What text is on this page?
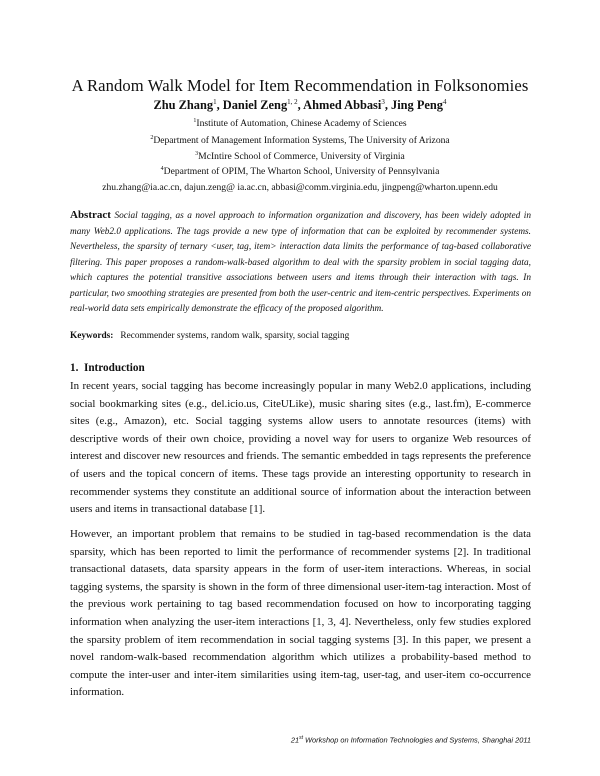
A Random Walk Model for Item Recommendation in Folksonomies
Zhu Zhang$^1$, Daniel Zeng$^{1, 2}$, Ahmed Abbasi$^3$, Jing Peng$^4$
$^1$Institute of Automation, Chinese Academy of Sciences
$^2$Department of Management Information Systems, The University of Arizona
$^3$McIntire School of Commerce, University of Virginia
$^4$Department of OPIM, The Wharton School, University of Pennsylvania
zhu.zhang@ia.ac.cn, dajun.zeng@ ia.ac.cn, abbasi@comm.virginia.edu, jingpeng@wharton.upenn.edu
Abstract Social tagging, as a novel approach to information organization and discovery, has been widely adopted in many Web2.0 applications. The tags provide a new type of information that can be exploited by recommender systems. Nevertheless, the sparsity of ternary <user, tag, item> interaction data limits the performance of tag-based collaborative filtering. This paper proposes a random-walk-based algorithm to deal with the sparsity problem in social tagging data, which captures the potential transitive associations between users and items through their interaction with tags. In particular, two smoothing strategies are presented from both the user-centric and item-centric perspectives. Experiments on real-world data sets empirically demonstrate the efficacy of the proposed algorithm.
Keywords: Recommender systems, random walk, sparsity, social tagging
1. Introduction

In recent years, social tagging has become increasingly popular in many Web2.0 applications, including social bookmarking sites (e.g., del.icio.us, CiteULike), music sharing sites (e.g., last.fm), E-commerce sites (e.g., Amazon), etc. Social tagging systems allow users to annotate resources (items) with descriptive words of their own choice, providing a novel way for users to organize Web resources of interest and discover new resources and friends. The semantic embedded in tags represents the preference of users and the topical concern of items. These tags provide an interesting opportunity to research in recommender systems they constitute an additional source of information about the interaction between users and items in transactional database [1].

However, an important problem that remains to be studied in tag-based recommendation is the data sparsity, which has been reported to limit the performance of recommender systems [2]. In traditional transactional datasets, data sparsity appears in the form of user-item interactions. Whereas, in social tagging systems, the sparsity is shown in the form of three dimensional user-item-tag interaction. Most of the previous work pertaining to tag based recommendation focused on how to incorporating tagging information when analyzing the user-item interactions [1, 3, 4]. Nevertheless, only few studies explored the sparsity problem of item recommendation in social tagging systems [3]. In this paper, we present a novel random-walk-based recommendation algorithm which utilizes a probability-based method to compute the inter-user and inter-item similarities using item-tag, user-tag, and user-item co-occurrence information.

21st Workshop on Information Technologies and Systems, Shanghai 2011
